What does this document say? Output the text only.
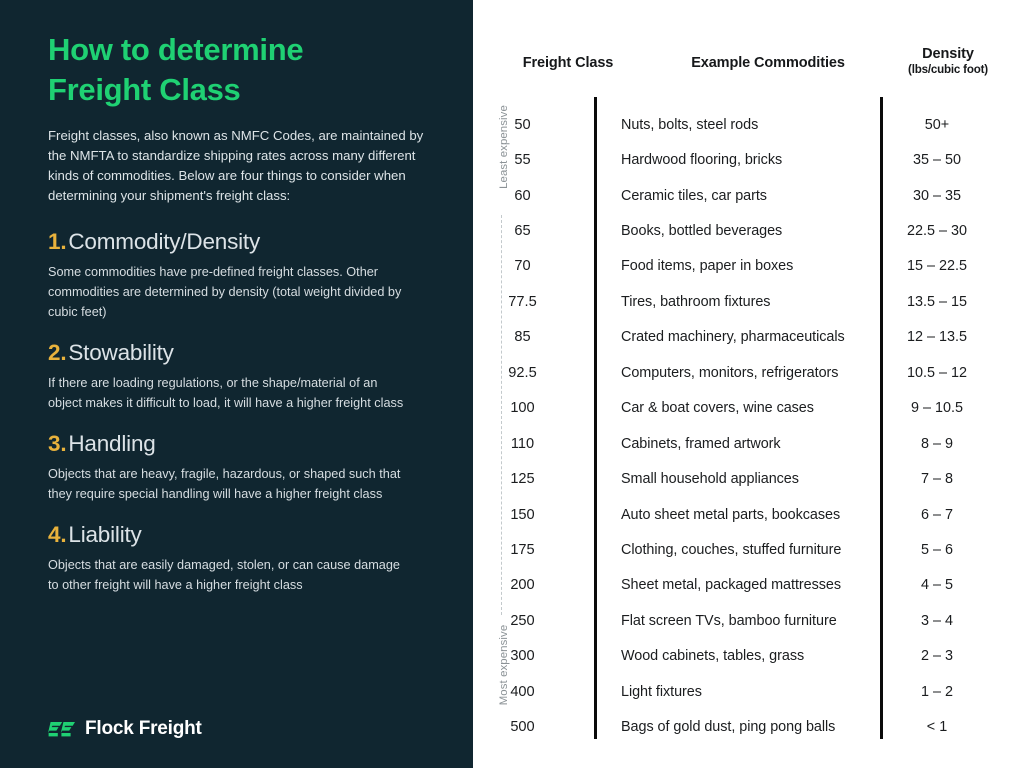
How to determine
Freight Class

Freight classes, also known as NMFC Codes, are maintained by the NMFTA to standardize shipping rates across many different kinds of commodities. Below are four things to consider when determining your shipment's freight class:

1.Commodity/Density

Some commodities have pre-defined freight classes. Other commodities are determined by density (total weight divided by cubic feet)

2.Stowability

If there are loading regulations, or the shape/material of an object makes it difficult to load, it will have a higher freight class

3.Handling

Objects that are heavy, fragile, hazardous, or shaped such that they require special handling will have a higher freight class

4.Liability

Objects that are easily damaged, stolen, or can cause damage to other freight will have a higher freight class

Flock Freight
Freight Class	Example Commodities
Density
(lbs/cubic foot)
Least expensive
Most expensive
50	Nuts, bolts, steel rods	50+
55	Hardwood flooring, bricks	35 – 50
60	Ceramic tiles, car parts	30 – 35
65	Books, bottled beverages	22.5 – 30
70	Food items, paper in boxes	15 – 22.5
77.5	Tires, bathroom fixtures	13.5 – 15
85	Crated machinery, pharmaceuticals	12 – 13.5
92.5	Computers, monitors, refrigerators	10.5 – 12
100	Car & boat covers, wine cases	9 – 10.5
110	Cabinets, framed artwork	8 – 9
125	Small household appliances	7 – 8
150	Auto sheet metal parts, bookcases	6 – 7
175	Clothing, couches, stuffed furniture	5 – 6
200	Sheet metal, packaged mattresses	4 – 5
250	Flat screen TVs, bamboo furniture	3 – 4
300	Wood cabinets, tables, grass	2 – 3
400	Light fixtures	1 – 2
500	Bags of gold dust, ping pong balls	< 1
